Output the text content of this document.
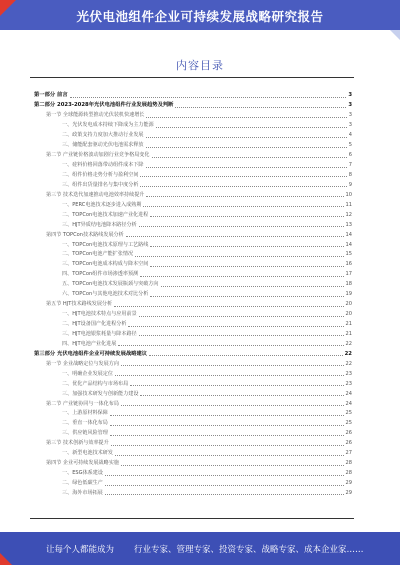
光伏电池组件企业可持续发展战略研究报告
内容目录
第一部分 前言	3
第二部分 2023-2028年光伏电池组件行业发展趋势及判断	3
第一节 全球能源转型推动光伏装机快速增长	3
一、光伏发电成本持续下降成为主力能源	3
二、政策支持力度加大推动行业发展	4
三、储能配套驱动光伏电池需求释放	5
第二节 产业链价格波动加剧行业竞争格局变化	6
一、硅料价格回落带动组件成本下降	7
二、组件价格走势分析与盈利空间	8
三、组件出货量排名与集中度分析	9
第三节 技术迭代加速推动电池效率持续提升	10
一、PERC电池技术逐步进入成熟期	11
二、TOPCon电池技术加速产业化进程	12
三、HJT异质结电池降本路径分析	13
第四节 TOPCon技术路线发展分析	14
一、TOPCon电池技术原理与工艺路线	14
二、TOPCon电池产能扩张情况	15
三、TOPCon电池成本构成与降本空间	16
四、TOPCon组件市场渗透率预测	17
五、TOPCon电池技术发展瓶颈与突破方向	18
六、TOPCon与其他电池技术对比分析	19
第五节 HJT技术路线发展分析	20
一、HJT电池技术特点与应用前景	20
二、HJT设备国产化进程分析	21
三、HJT电池银浆耗量与降本路径	21
四、HJT电池产业化进展	22
第三部分 光伏电池组件企业可持续发展战略建议	22
第一节 企业战略定位与发展方向	22
一、明确企业发展定位	23
二、优化产品结构与市场布局	23
三、加强技术研发与创新能力建设	24
第二节 产业链协同与一体化布局	24
一、上游原材料保障	25
二、垂直一体化布局	25
三、供应链风险管理	26
第三节 技术创新与效率提升	26
一、新型电池技术研发	27
第四节 企业可持续发展战略实施	28
一、ESG体系建设	28
二、绿色低碳生产	29
三、海外市场拓展	29
让每个人都能成为 行业专家、管理专家、投资专家、战略专家、成本企业家……
